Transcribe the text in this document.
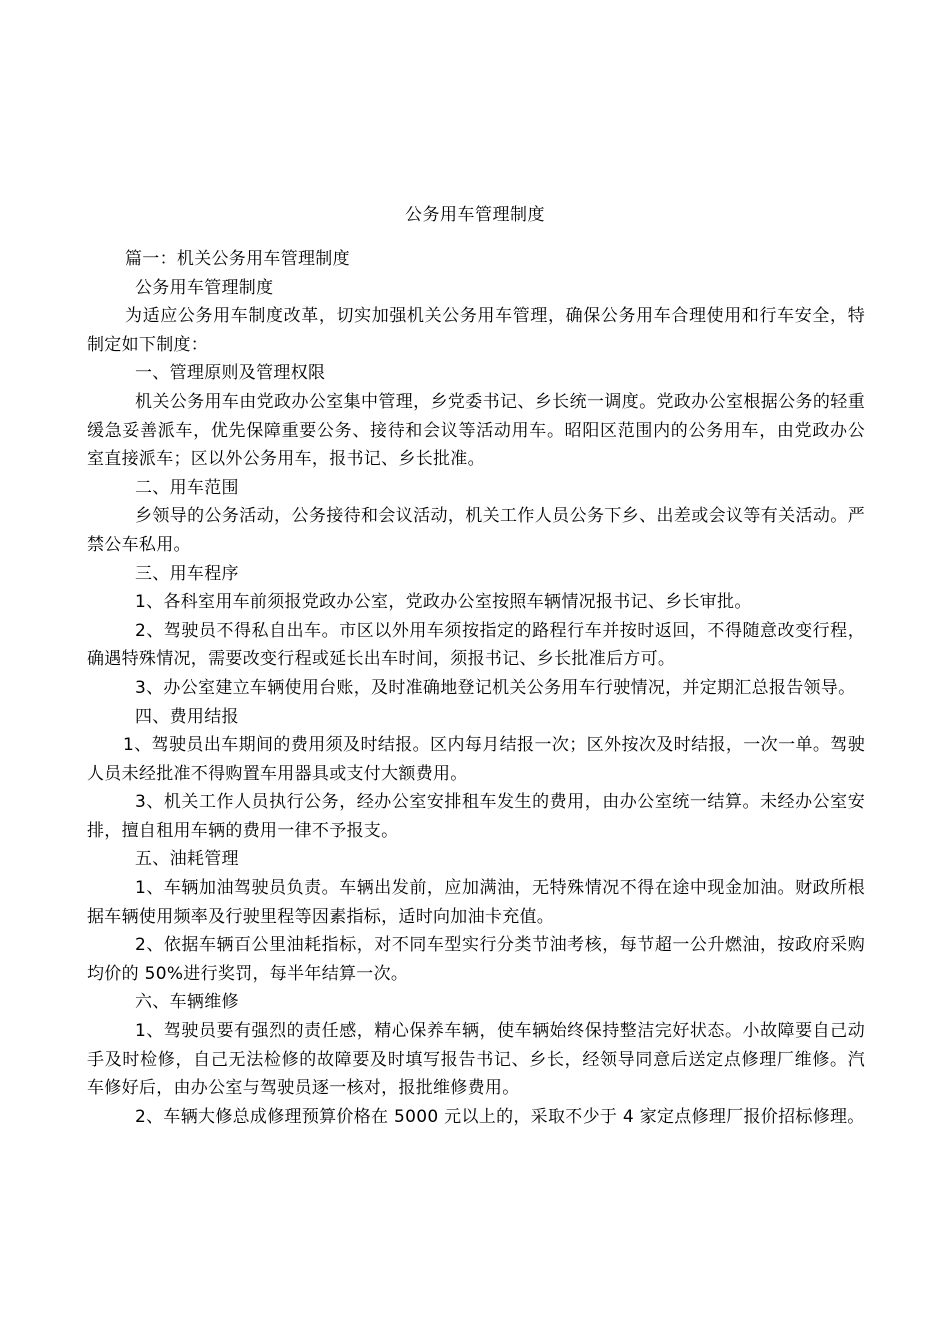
公务用车管理制度

篇一：机关公务用车管理制度

公务用车管理制度

为适应公务用车制度改革，切实加强机关公务用车管理，确保公务用车合理使用和行车安全，特制定如下制度：

一、管理原则及管理权限

机关公务用车由党政办公室集中管理，乡党委书记、乡长统一调度。党政办公室根据公务的轻重缓急妥善派车，优先保障重要公务、接待和会议等活动用车。昭阳区范围内的公务用车，由党政办公室直接派车；区以外公务用车，报书记、乡长批准。

二、用车范围

乡领导的公务活动，公务接待和会议活动，机关工作人员公务下乡、出差或会议等有关活动。严禁公车私用。

三、用车程序

1、各科室用车前须报党政办公室，党政办公室按照车辆情况报书记、乡长审批。

2、驾驶员不得私自出车。市区以外用车须按指定的路程行车并按时返回，不得随意改变行程，确遇特殊情况，需要改变行程或延长出车时间，须报书记、乡长批准后方可。

3、办公室建立车辆使用台账，及时准确地登记机关公务用车行驶情况，并定期汇总报告领导。

四、费用结报

1、驾驶员出车期间的费用须及时结报。区内每月结报一次；区外按次及时结报，一次一单。驾驶人员未经批准不得购置车用器具或支付大额费用。

3、机关工作人员执行公务，经办公室安排租车发生的费用，由办公室统一结算。未经办公室安排，擅自租用车辆的费用一律不予报支。

五、油耗管理

1、车辆加油驾驶员负责。车辆出发前，应加满油，无特殊情况不得在途中现金加油。财政所根据车辆使用频率及行驶里程等因素指标，适时向加油卡充值。

2、依据车辆百公里油耗指标，对不同车型实行分类节油考核，每节超一公升燃油，按政府采购均价的 50%进行奖罚，每半年结算一次。

六、车辆维修

1、驾驶员要有强烈的责任感，精心保养车辆，使车辆始终保持整洁完好状态。小故障要自己动手及时检修，自己无法检修的故障要及时填写报告书记、乡长，经领导同意后送定点修理厂维修。汽车修好后，由办公室与驾驶员逐一核对，报批维修费用。

2、车辆大修总成修理预算价格在 5000 元以上的，采取不少于 4 家定点修理厂报价招标修理。
